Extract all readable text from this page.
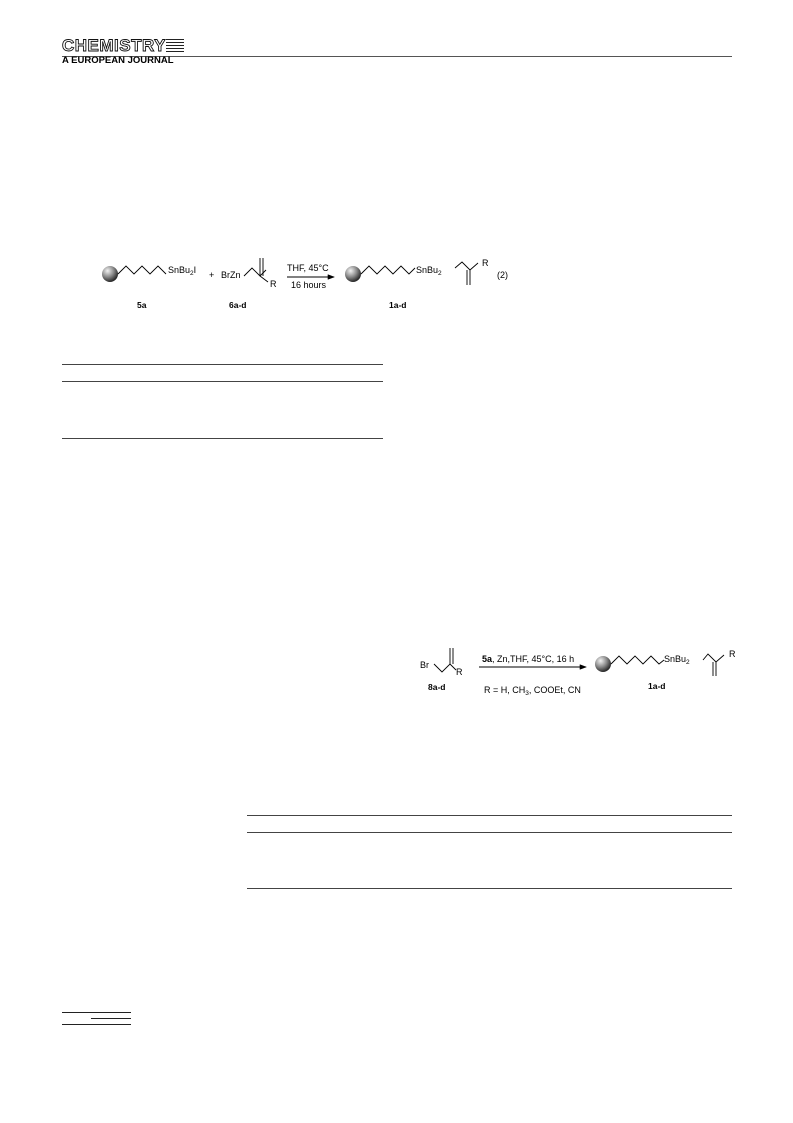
CHEMISTRY
A EUROPEAN JOURNAL
SnBu$_2$I + BrZn
R
THF, 45°C
16 hours
SnBu$_2$
R
(2)
5a	6a-d	1a-d
Br
R
8a-d
5a, Zn,THF, 45°C, 16 h
R = H, $CH_3$, COOEt, CN
SnBu$_2$
R
1a-d
